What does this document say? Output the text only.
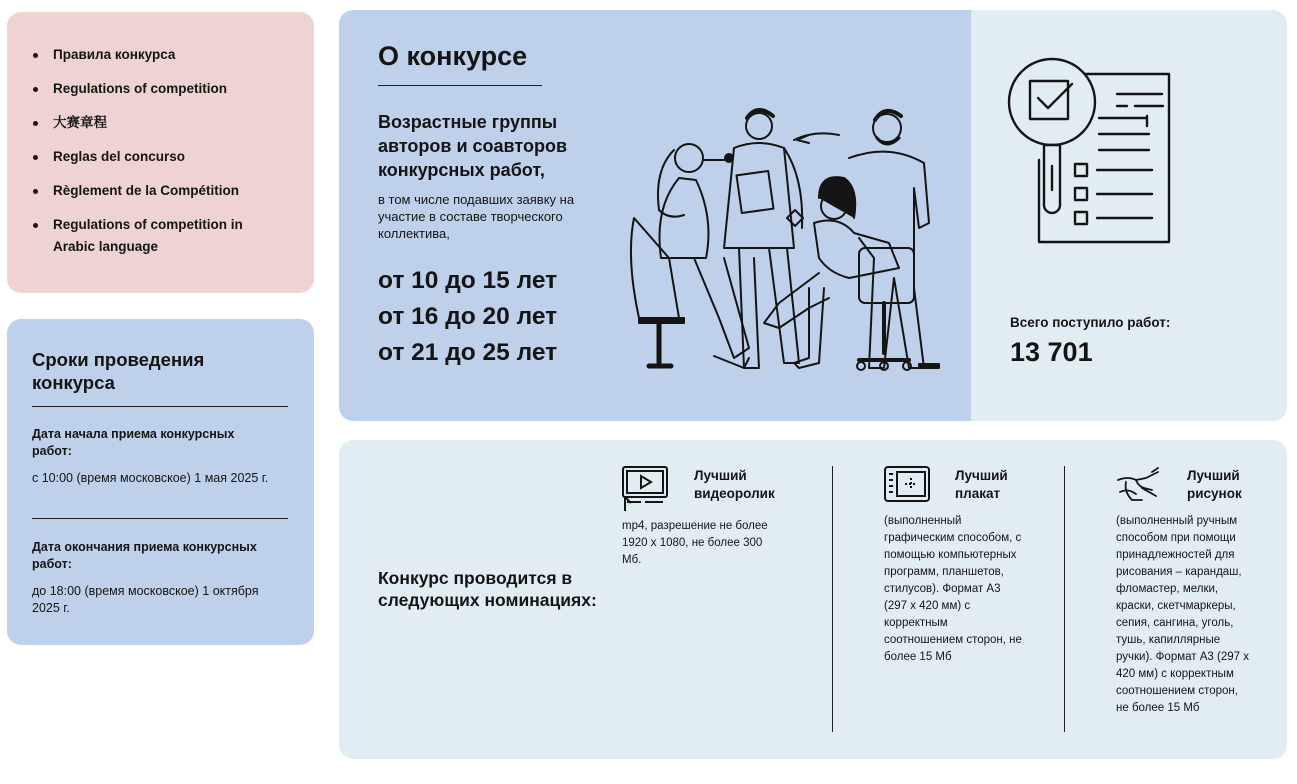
Правила конкурса
Regulations of competition
大赛章程
Reglas del concurso
Règlement de la Compétition
Regulations of competition in
Arabic language
Сроки проведения конкурса
Дата начала приема конкурсных работ:
с 10:00 (время московское) 1 мая 2025 г.
Дата окончания приема конкурсных работ:
до 18:00 (время московское) 1 октября 2025 г.
О конкурсе
Возрастные группы авторов и соавторов конкурсных работ,
в том числе подавших заявку на участие в составе творческого коллектива,
от 10 до 15 лет
от 16 до 20 лет
от 21 до 25 лет
Всего поступило работ:
13 701
Конкурс проводится в следующих номинациях:
Лучший
видеоролик
mp4, разрешение не более 1920 х 1080, не более 300 Мб.
Лучший
плакат
(выполненный графическим способом, с помощью компьютерных программ, планшетов, стилусов). Формат А3 (297 х 420 мм) с корректным соотношением сторон, не более 15 Мб
Лучший
рисунок
(выполненный ручным способом при помощи принадлежностей для рисования – карандаш, фломастер, мелки, краски, скетчмаркеры, сепия, сангина, уголь, тушь, капиллярные ручки). Формат А3 (297 х 420 мм) с корректным соотношением сторон, не более 15 Мб
